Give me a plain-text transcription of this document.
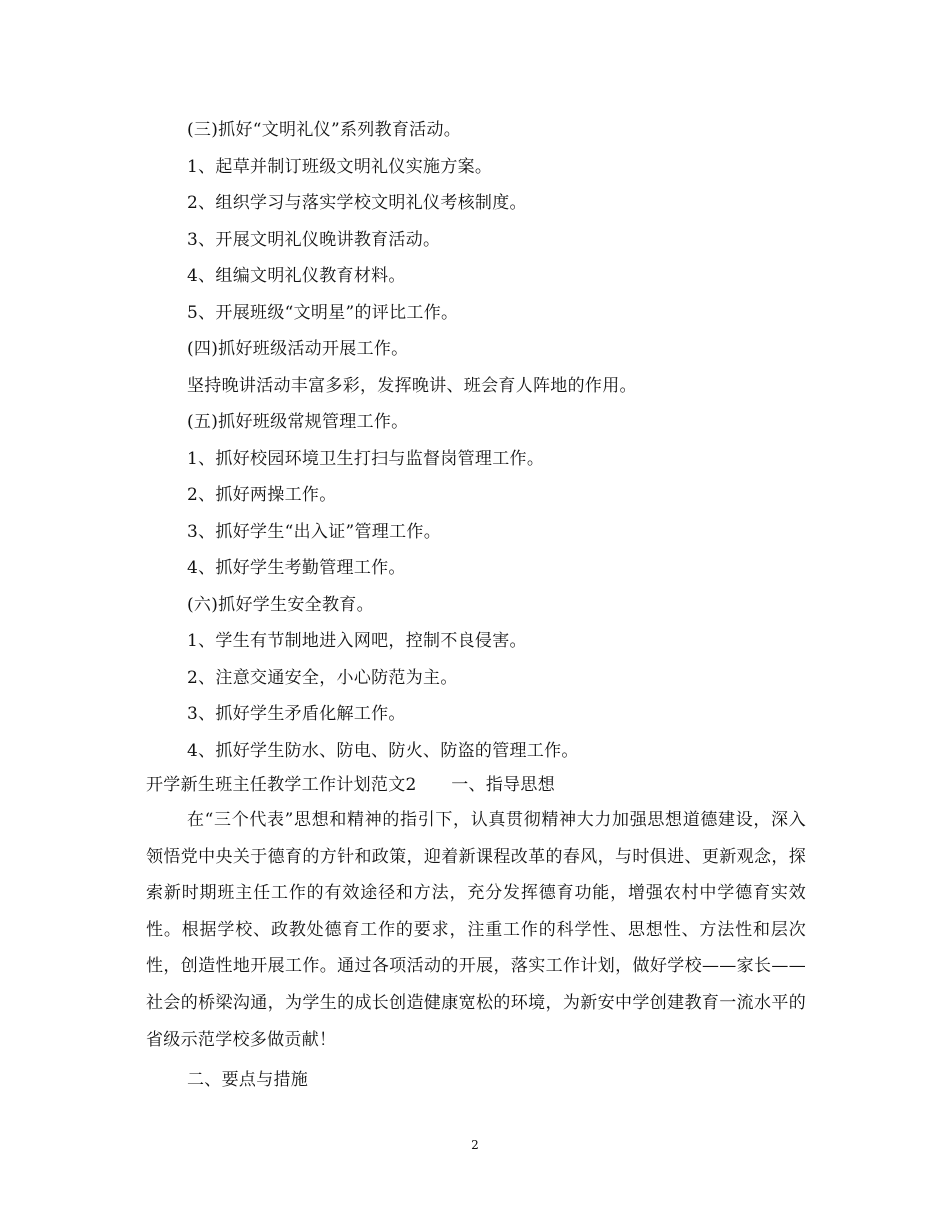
(三)抓好“文明礼仪”系列教育活动。
1、起草并制订班级文明礼仪实施方案。
2、组织学习与落实学校文明礼仪考核制度。
3、开展文明礼仪晚讲教育活动。
4、组编文明礼仪教育材料。
5、开展班级“文明星”的评比工作。
(四)抓好班级活动开展工作。
坚持晚讲活动丰富多彩，发挥晚讲、班会育人阵地的作用。
(五)抓好班级常规管理工作。
1、抓好校园环境卫生打扫与监督岗管理工作。
2、抓好两操工作。
3、抓好学生“出入证”管理工作。
4、抓好学生考勤管理工作。
(六)抓好学生安全教育。
1、学生有节制地进入网吧，控制不良侵害。
2、注意交通安全，小心防范为主。
3、抓好学生矛盾化解工作。
4、抓好学生防水、防电、防火、防盗的管理工作。
开学新生班主任教学工作计划范文2　　一、指导思想
在“三个代表”思想和精神的指引下，认真贯彻精神大力加强思想道德建设，深入领悟党中央关于德育的方针和政策，迎着新课程改革的春风，与时俱进、更新观念，探索新时期班主任工作的有效途径和方法，充分发挥德育功能，增强农村中学德育实效性。根据学校、政教处德育工作的要求，注重工作的科学性、思想性、方法性和层次性，创造性地开展工作。通过各项活动的开展，落实工作计划，做好学校——家长——社会的桥梁沟通，为学生的成长创造健康宽松的环境，为新安中学创建教育一流水平的省级示范学校多做贡献！
二、要点与措施
2
